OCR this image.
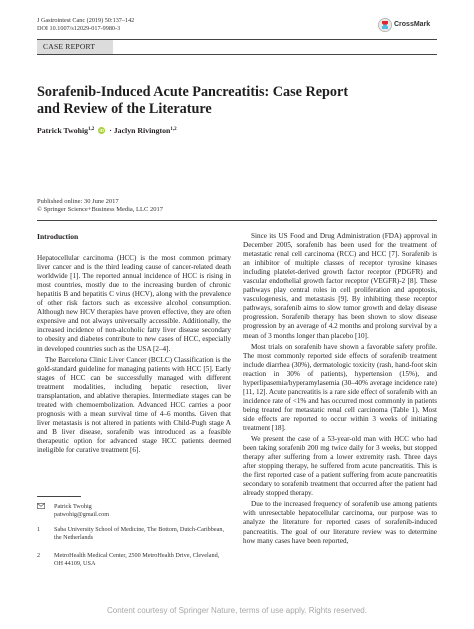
J Gastrointest Canc (2019) 50:137–142
DOI 10.1007/s12029-017-9980-3
CrossMark
CASE REPORT
Sorafenib-Induced Acute Pancreatitis: Case Report
and Review of the Literature
Patrick Twohig$^{1,2}$ iD · Jaclyn Rivington$^{1,2}$
Published online: 30 June 2017
© Springer Science+Business Media, LLC 2017

Introduction

Hepatocellular carcinoma (HCC) is the most common primary liver cancer and is the third leading cause of cancer-related death worldwide [1]. The reported annual incidence of HCC is rising in most countries, mostly due to the increasing burden of chronic hepatitis B and hepatitis C virus (HCV), along with the prevalence of other risk factors such as excessive alcohol consumption. Although new HCV therapies have proven effective, they are often expensive and not always universally accessible. Additionally, the increased incidence of non-alcoholic fatty liver disease secondary to obesity and diabetes contribute to new cases of HCC, especially in developed countries such as the USA [2–4].

The Barcelona Clinic Liver Cancer (BCLC) Classification is the gold-standard guideline for managing patients with HCC [5]. Early stages of HCC can be successfully managed with different treatment modalities, including hepatic resection, liver transplantation, and ablative therapies. Intermediate stages can be treated with chemoembolization. Advanced HCC carries a poor prognosis with a mean survival time of 4–6 months. Given that liver metastasis is not altered in patients with Child-Pugh stage A and B liver disease, sorafenib was introduced as a feasible therapeutic option for advanced stage HCC patients deemed ineligible for curative treatment [6].

Patrick Twohig
patwohig@gmail.com
1	Saba University School of Medicine, The Bottom, Dutch-Caribbean, the Netherlands
2	MetroHealth Medical Center, 2500 MetroHealth Drive, Cleveland, OH 44109, USA

Since its US Food and Drug Administration (FDA) approval in December 2005, sorafenib has been used for the treatment of metastatic renal cell carcinoma (RCC) and HCC [7]. Sorafenib is an inhibitor of multiple classes of receptor tyrosine kinases including platelet-derived growth factor receptor (PDGFR) and vascular endothelial growth factor receptor (VEGFR)-2 [8]. These pathways play central roles in cell proliferation and apoptosis, vasculogenesis, and metastasis [9]. By inhibiting these receptor pathways, sorafenib aims to slow tumor growth and delay disease progression. Sorafenib therapy has been shown to slow disease progression by an average of 4.2 months and prolong survival by a mean of 3 months longer than placebo [10].

Most trials on sorafenib have shown a favorable safety profile. The most commonly reported side effects of sorafenib treatment include diarrhea (30%), dermatologic toxicity (rash, hand-foot skin reaction in 30% of patients), hypertension (15%), and hyperlipasemia/hyperamylasemia (30–40% average incidence rate) [11, 12]. Acute pancreatitis is a rare side effect of sorafenib with an incidence rate of <1% and has occurred most commonly in patients being treated for metastatic renal cell carcinoma (Table 1). Most side effects are reported to occur within 3 weeks of initiating treatment [18].

We present the case of a 53-year-old man with HCC who had been taking sorafenib 200 mg twice daily for 3 weeks, but stopped therapy after suffering from a lower extremity rash. Three days after stopping therapy, he suffered from acute pancreatitis. This is the first reported case of a patient suffering from acute pancreatitis secondary to sorafenib treatment that occurred after the patient had already stopped therapy.

Due to the increased frequency of sorafenib use among patients with unresectable hepatocellular carcinoma, our purpose was to analyze the literature for reported cases of sorafenib-induced pancreatitis. The goal of our literature review was to determine how many cases have been reported,

Content courtesy of Springer Nature, terms of use apply. Rights reserved.
